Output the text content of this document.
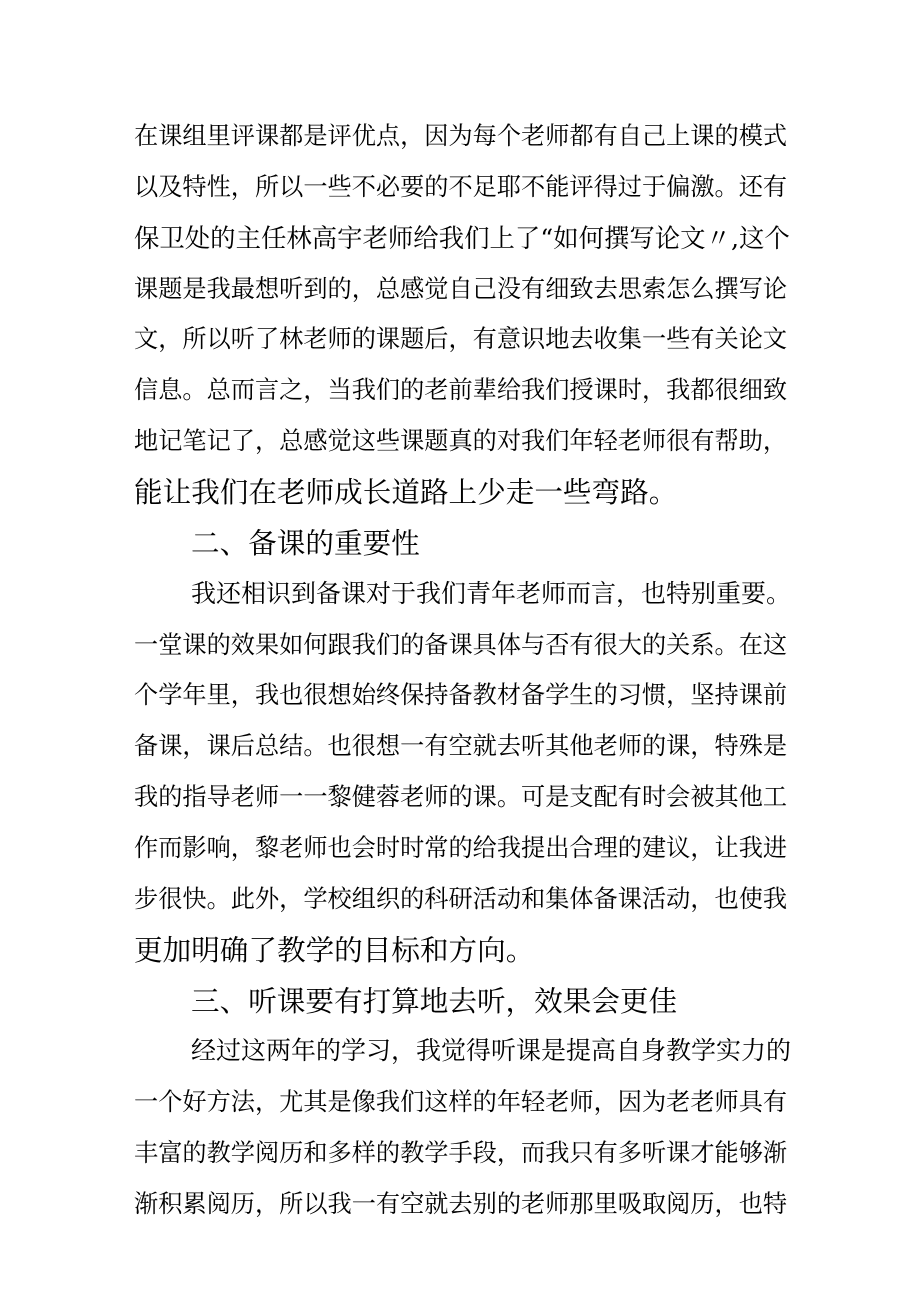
在课组里评课都是评优点，因为每个老师都有自己上课的模式
以及特性，所以一些不必要的不足耶不能评得过于偏激。还有
保卫处的主任林高宇老师给我们上了“如何撰写论文〃,这个
课题是我最想听到的，总感觉自己没有细致去思索怎么撰写论
文，所以听了林老师的课题后，有意识地去收集一些有关论文
信息。总而言之，当我们的老前辈给我们授课时，我都很细致
地记笔记了，总感觉这些课题真的对我们年轻老师很有帮助，
能让我们在老师成长道路上少走一些弯路。
二、备课的重要性
我还相识到备课对于我们青年老师而言，也特别重要。
一堂课的效果如何跟我们的备课具体与否有很大的关系。在这
个学年里，我也很想始终保持备教材备学生的习惯，坚持课前
备课，课后总结。也很想一有空就去听其他老师的课，特殊是
我的指导老师一一黎健蓉老师的课。可是支配有时会被其他工
作而影响，黎老师也会时时常的给我提出合理的建议，让我进
步很快。此外，学校组织的科研活动和集体备课活动，也使我
更加明确了教学的目标和方向。
三、听课要有打算地去听，效果会更佳
经过这两年的学习，我觉得听课是提高自身教学实力的
一个好方法，尤其是像我们这样的年轻老师，因为老老师具有
丰富的教学阅历和多样的教学手段，而我只有多听课才能够渐
渐积累阅历，所以我一有空就去别的老师那里吸取阅历，也特
